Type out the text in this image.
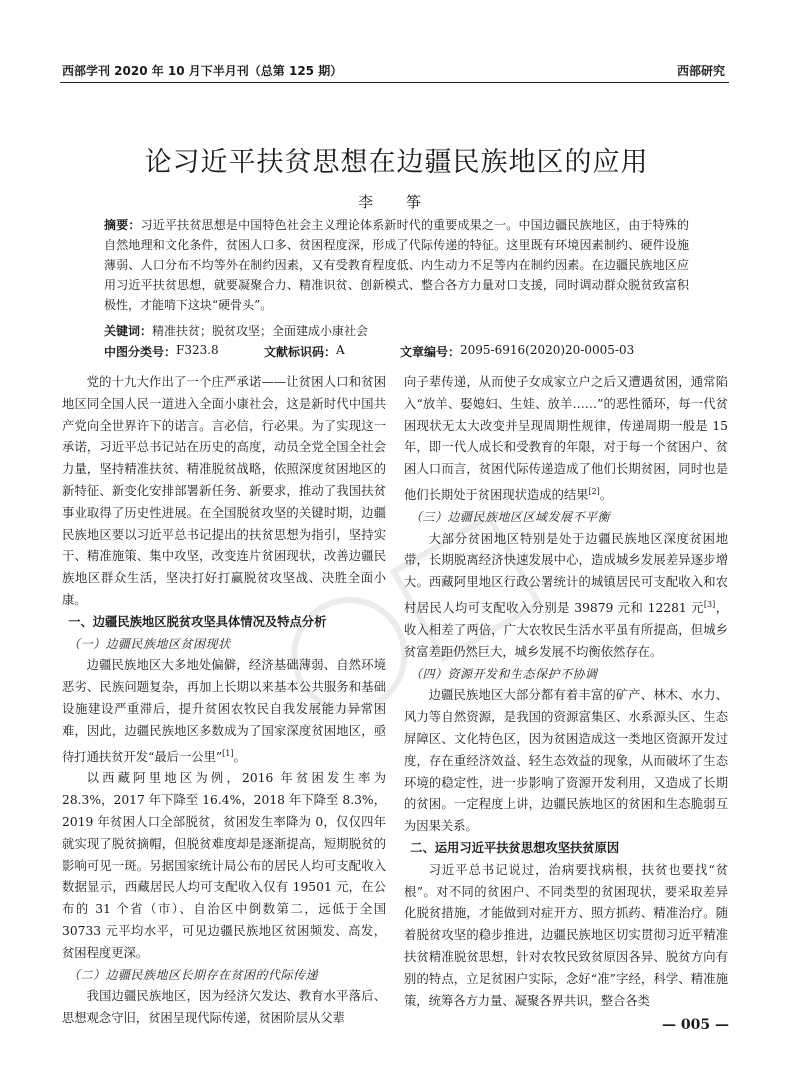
西部学刊 2020 年 10 月下半月刊（总第 125 期）	西部研究
论习近平扶贫思想在边疆民族地区的应用
李 筝
摘要：习近平扶贫思想是中国特色社会主义理论体系新时代的重要成果之一。中国边疆民族地区，由于特殊的自然地理和文化条件，贫困人口多、贫困程度深，形成了代际传递的特征。这里既有环境因素制约、硬件设施薄弱、人口分布不均等外在制约因素，又有受教育程度低、内生动力不足等内在制约因素。在边疆民族地区应用习近平扶贫思想，就要凝聚合力、精准识贫、创新模式、整合各方力量对口支援，同时调动群众脱贫致富积极性，才能啃下这块“硬骨头”。
关键词：精准扶贫；脱贫攻坚；全面建成小康社会
中图分类号： F323.8	文献标识码： A	文章编号： 2095-6916(2020)20-0005-03

党的十九大作出了一个庄严承诺——让贫困人口和贫困地区同全国人民一道进入全面小康社会，这是新时代中国共产党向全世界许下的诺言。言必信，行必果。为了实现这一承诺，习近平总书记站在历史的高度，动员全党全国全社会力量，坚持精准扶贫、精准脱贫战略，依照深度贫困地区的新特征、新变化安排部署新任务、新要求，推动了我国扶贫事业取得了历史性进展。在全国脱贫攻坚的关键时期，边疆民族地区要以习近平总书记提出的扶贫思想为指引，坚持实干、精准施策、集中攻坚，改变连片贫困现状，改善边疆民族地区群众生活，坚决打好打赢脱贫攻坚战、决胜全面小康。

一、边疆民族地区脱贫攻坚具体情况及特点分析
（一）边疆民族地区贫困现状

边疆民族地区大多地处偏僻，经济基础薄弱、自然环境恶劣、民族问题复杂，再加上长期以来基本公共服务和基础设施建设严重滞后，提升贫困农牧民自我发展能力异常困难，因此，边疆民族地区多数成为了国家深度贫困地区，亟待打通扶贫开发“最后一公里”[1]。

以西藏阿里地区为例，2016 年贫困发生率为 28.3%，2017 年下降至 16.4%，2018 年下降至 8.3%，2019 年贫困人口全部脱贫，贫困发生率降为 0，仅仅四年就实现了脱贫摘帽，但脱贫难度却是逐渐提高，短期脱贫的影响可见一斑。另据国家统计局公布的居民人均可支配收入数据显示，西藏居民人均可支配收入仅有 19501 元，在公布的 31 个省（市）、自治区中倒数第二，远低于全国 30733 元平均水平，可见边疆民族地区贫困频发、高发，贫困程度更深。

（二）边疆民族地区长期存在贫困的代际传递

我国边疆民族地区，因为经济欠发达、教育水平落后、思想观念守旧，贫困呈现代际传递，贫困阶层从父辈

向子辈传递，从而使子女成家立户之后又遭遇贫困，通常陷入“放羊、娶媳妇、生娃、放羊……”的恶性循环，每一代贫困现状无太大改变并呈现周期性规律，传递周期一般是 15 年，即一代人成长和受教育的年限，对于每一个贫困户、贫困人口而言，贫困代际传递造成了他们长期贫困，同时也是他们长期处于贫困现状造成的结果[2]。

（三）边疆民族地区区域发展不平衡

大部分贫困地区特别是处于边疆民族地区深度贫困地带，长期脱离经济快速发展中心，造成城乡发展差异逐步增大。西藏阿里地区行政公署统计的城镇居民可支配收入和农村居民人均可支配收入分别是 39879 元和 12281 元[3]，收入相差了两倍，广大农牧民生活水平虽有所提高，但城乡贫富差距仍然巨大，城乡发展不均衡依然存在。

（四）资源开发和生态保护不协调

边疆民族地区大部分都有着丰富的矿产、林木、水力、风力等自然资源，是我国的资源富集区、水系源头区、生态屏障区、文化特色区，因为贫困造成这一类地区资源开发过度，存在重经济效益、轻生态效益的现象，从而破坏了生态环境的稳定性，进一步影响了资源开发利用，又造成了长期的贫困。一定程度上讲，边疆民族地区的贫困和生态脆弱互为因果关系。

二、运用习近平扶贫思想攻坚扶贫原因

习近平总书记说过，治病要找病根，扶贫也要找“贫根”。对不同的贫困户、不同类型的贫困现状，要采取差异化脱贫措施，才能做到对症开方、照方抓药、精准治疗。随着脱贫攻坚的稳步推进，边疆民族地区切实贯彻习近平精准扶贫精准脱贫思想，针对农牧民致贫原因各异、脱贫方向有别的特点，立足贫困户实际，念好“准”字经，科学、精准施策，统筹各方力量、凝聚各界共识，整合各类

— 005 —
